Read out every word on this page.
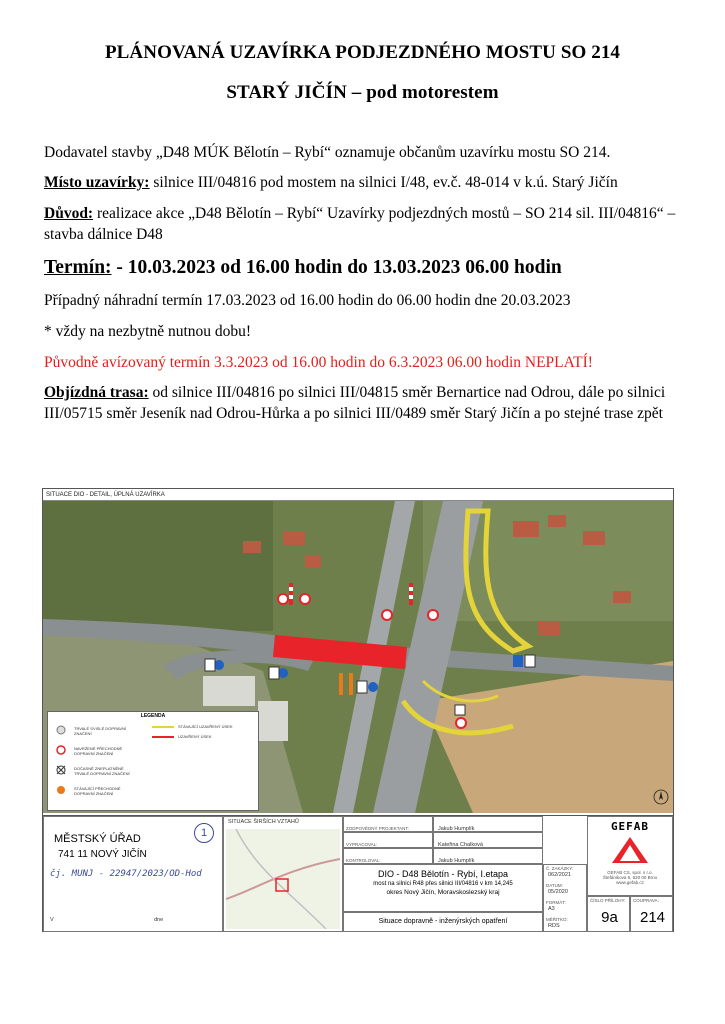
PLÁNOVANÁ UZAVÍRKA PODJEZDNÉHO MOSTU SO 214
STARÝ JIČÍN – pod motorestem
Dodavatel stavby „D48 MÚK Bělotín – Rybí“ oznamuje občanům uzavírku mostu SO 214.
Místo uzavírky: silnice III/04816 pod mostem na silnici I/48, ev.č. 48-014 v k.ú. Starý Jičín
Důvod: realizace akce „D48 Bělotín – Rybí“ Uzavírky podjezdných mostů – SO 214 sil. III/04816“ – stavba dálnice D48
Termín: - 10.03.2023 od 16.00 hodin do 13.03.2023 06.00 hodin
Případný náhradní termín 17.03.2023 od 16.00 hodin do 06.00 hodin dne 20.03.2023
* vždy na nezbytně nutnou dobu!
Původně avízovaný termín 3.3.2023 od 16.00 hodin do 6.3.2023 06.00 hodin NEPLATÍ!
Objízdná trasa: od silnice III/04816 po silnici III/04815 směr Bernartice nad Odrou, dále po silnici III/05715 směr Jeseník nad Odrou-Hůrka a po silnici III/0489 směr Starý Jičín a po stejné trase zpět
SITUACE DIO - DETAIL, ÚPLNÁ UZAVÍRKA
LEGENDA
TRVALÉ SVISLÉ DOPRAVNÍ ZNAČENÍ
NAVRŽENÉ PŘECHODNÉ DOPRAVNÍ ZNAČENÍ
DOČASNĚ ZNEPLATNĚNÉ TRVALÉ DOPRAVNÍ ZNAČENÍ
STÁVAJÍCÍ PŘECHODNÉ DOPRAVNÍ ZNAČENÍ
STÁVAJÍCÍ UZAVŘENÝ ÚSEK
UZAVŘENÝ ÚSEK
MĚSTSKÝ ÚŘAD
741 11 NOVÝ JIČÍN
1
čj. MUNJ - 22947/2023/OD-Hod
V	dne
SITUACE ŠIRŠÍCH VZTAHŮ
ZODPOVĚDNÝ PROJEKTANT:	Jakub Humplík
VYPRACOVAL:	Kateřina Chalková
KONTROLOVAL:	Jakub Humplík
DIO - D48 Bělotín - Rybí, I.etapa
most na silnici R48 přes silnici III/04816 v km 14,245
okres Nový Jičín, Moravskoslezský kraj
Situace dopravně - inženýrských opatření
Č. ZAKÁZKY:
062/2021
DATUM:
05/2020
FORMÁT:
A3
MĚŘÍTKO:
RDS
GEFAB
GEFAB CS, spol. s r.o.
Štefánikova 5, 620 00 Brno
www.gefab.cz
ČÍSLO PŘÍLOHY:
9a
COUPRAVA:
214
